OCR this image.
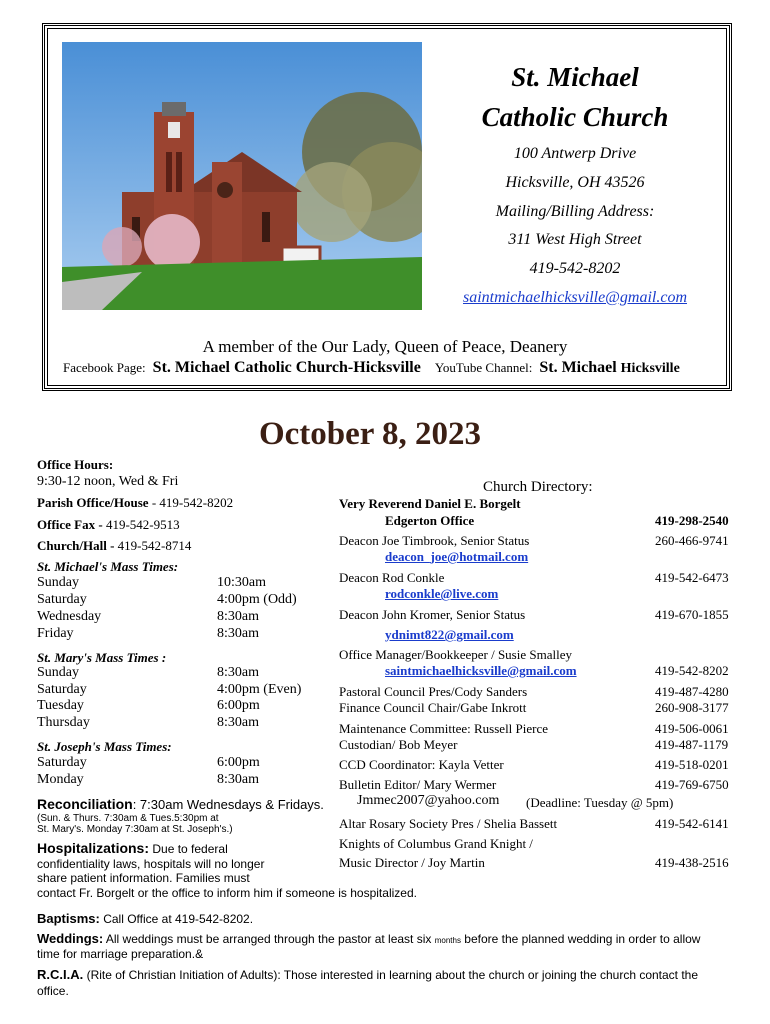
St. Michael
Catholic Church
100 Antwerp Drive
Hicksville, OH 43526
Mailing/Billing Address:
311 West High Street
419-542-8202
saintmichaelhicksville@gmail.com
A member of the Our Lady, Queen of Peace, Deanery
Facebook Page: St. Michael Catholic Church-Hicksville YouTube Channel: St. Michael Hicksville
October 8, 2023
Office Hours:
9:30-12 noon, Wed & Fri
Parish Office/House - 419-542-8202
Office Fax - 419-542-9513
Church/Hall - 419-542-8714
St. Michael's Mass Times:
Sunday	10:30am
Saturday	4:00pm (Odd)
Wednesday	8:30am
Friday	8:30am
St. Mary's Mass Times :
Sunday	8:30am
Saturday	4:00pm (Even)
Tuesday	6:00pm
Thursday	8:30am
St. Joseph's Mass Times:
Saturday	6:00pm
Monday	8:30am
Reconciliation: 7:30am Wednesdays & Fridays.
(Sun. & Thurs. 7:30am & Tues.5:30pm at
St. Mary's. Monday 7:30am at St. Joseph's.)
Hospitalizations: Due to federal
confidentiality laws, hospitals will no longer
share patient information. Families must
contact Fr. Borgelt or the office to inform him if someone is hospitalized.
Church Directory:
Very Reverend Daniel E. Borgelt
Edgerton Office	419-298-2540
Deacon Joe Timbrook, Senior Status	260-466-9741
deacon_joe@hotmail.com
Deacon Rod Conkle	419-542-6473
rodconkle@live.com
Deacon John Kromer, Senior Status	419-670-1855
ydnimt822@gmail.com
Office Manager/Bookkeeper / Susie Smalley
saintmichaelhicksville@gmail.com	419-542-8202
Pastoral Council Pres/Cody Sanders	419-487-4280
Finance Council Chair/Gabe Inkrott	260-908-3177
Maintenance Committee: Russell Pierce	419-506-0061
Custodian/ Bob Meyer	419-487-1179
CCD Coordinator: Kayla Vetter	419-518-0201
Bulletin Editor/ Mary Wermer	419-769-6750
Jmmec2007@yahoo.com (Deadline: Tuesday @ 5pm)
Altar Rosary Society Pres / Shelia Bassett	419-542-6141
Knights of Columbus Grand Knight /
Music Director / Joy Martin	419-438-2516
Baptisms: Call Office at 419-542-8202.
Weddings: All weddings must be arranged through the pastor at least six months before the planned wedding in order to allow
time for marriage preparation.&
R.C.I.A. (Rite of Christian Initiation of Adults): Those interested in learning about the church or joining the church contact the
office.
